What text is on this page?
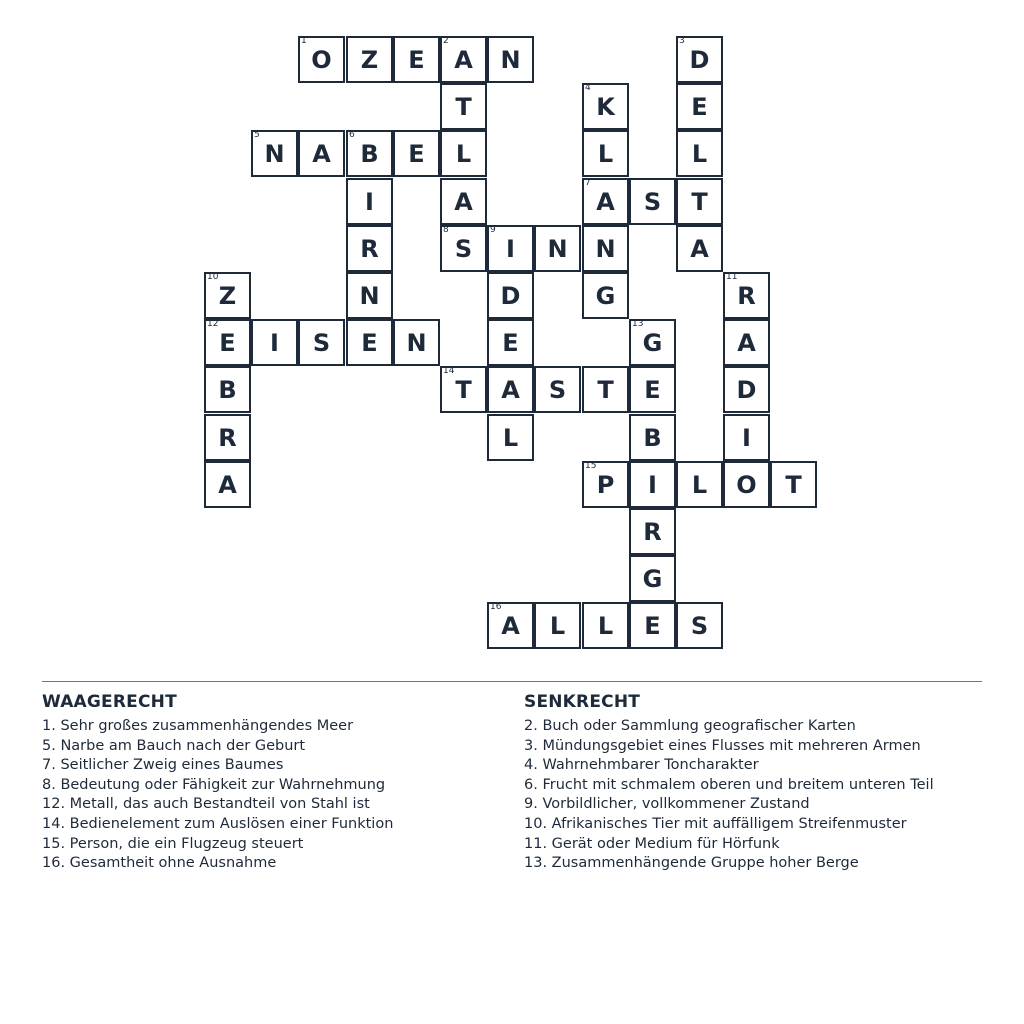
1
O	Z	E
2
A	N
3
D
T
4
K	E
5
N	A
6
B	E	L	L	L
I	A
7
A	S	T
R
8
S
9
I	N	N	A
10
Z	N	D	G
11
R
12
E	I	S	E	N	E
13
G	A
B
14
T	A	S	T	E	D
R	L	B	I
A
15
P	I	L	O	T
R
G
16
A	L	L	E	S
WAAGERECHT
1. Sehr großes zusammenhängendes Meer
5. Narbe am Bauch nach der Geburt
7. Seitlicher Zweig eines Baumes
8. Bedeutung oder Fähigkeit zur Wahrnehmung
12. Metall, das auch Bestandteil von Stahl ist
14. Bedienelement zum Auslösen einer Funktion
15. Person, die ein Flugzeug steuert
16. Gesamtheit ohne Ausnahme
SENKRECHT
2. Buch oder Sammlung geografischer Karten
3. Mündungsgebiet eines Flusses mit mehreren Armen
4. Wahrnehmbarer Toncharakter
6. Frucht mit schmalem oberen und breitem unteren Teil
9. Vorbildlicher, vollkommener Zustand
10. Afrikanisches Tier mit auffälligem Streifenmuster
11. Gerät oder Medium für Hörfunk
13. Zusammenhängende Gruppe hoher Berge
